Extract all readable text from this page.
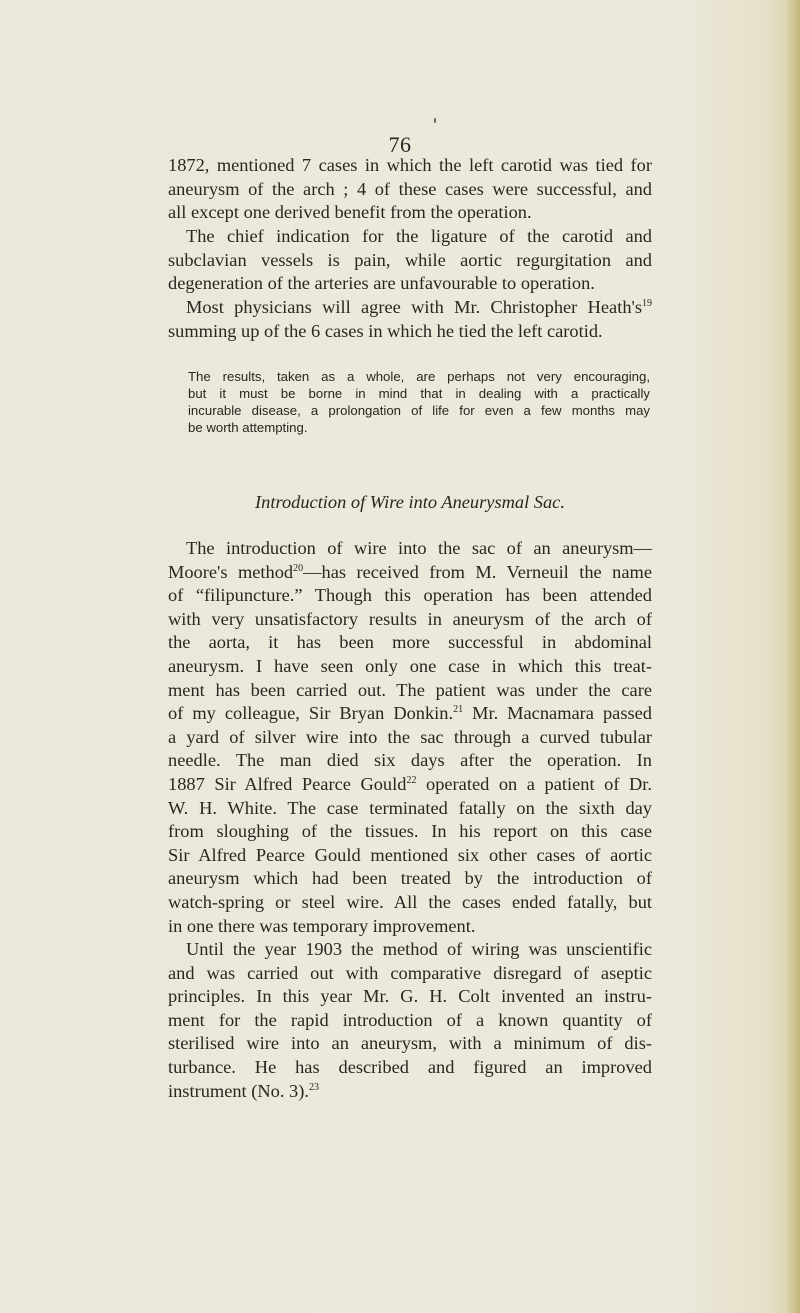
76
1872, mentioned 7 cases in which the left carotid was tied for
aneurysm of the arch ; 4 of these cases were successful, and
all except one derived benefit from the operation.
The chief indication for the ligature of the carotid and
subclavian vessels is pain, while aortic regurgitation and
degeneration of the arteries are unfavourable to operation.
Most physicians will agree with Mr. Christopher $Heath's^{19}$
summing up of the 6 cases in which he tied the left carotid.
The results, taken as a whole, are perhaps not very encouraging,
but it must be borne in mind that in dealing with a practically
incurable disease, a prolongation of life for even a few months may
be worth attempting.
Introduction of Wire into Aneurysmal Sac.
The introduction of wire into the sac of an aneurysm—
Moore's method$^{20}$—has received from M. Verneuil the name
of “filipuncture.” Though this operation has been attended
with very unsatisfactory results in aneurysm of the arch of
the aorta, it has been more successful in abdominal
aneurysm. I have seen only one case in which this treat-
ment has been carried out. The patient was under the care
of my colleague, Sir Bryan Donkin.$^{21}$ Mr. Macnamara passed
a yard of silver wire into the sac through a curved tubular
needle. The man died six days after the operation. In
1887 Sir Alfred Pearce Gould$^{22}$ operated on a patient of Dr.
W. H. White. The case terminated fatally on the sixth day
from sloughing of the tissues. In his report on this case
Sir Alfred Pearce Gould mentioned six other cases of aortic
aneurysm which had been treated by the introduction of
watch-spring or steel wire. All the cases ended fatally, but
in one there was temporary improvement.
Until the year 1903 the method of wiring was unscientific
and was carried out with comparative disregard of aseptic
principles. In this year Mr. G. H. Colt invented an instru-
ment for the rapid introduction of a known quantity of
sterilised wire into an aneurysm, with a minimum of dis-
turbance. He has described and figured an improved
instrument (No. 3).$^{23}$
